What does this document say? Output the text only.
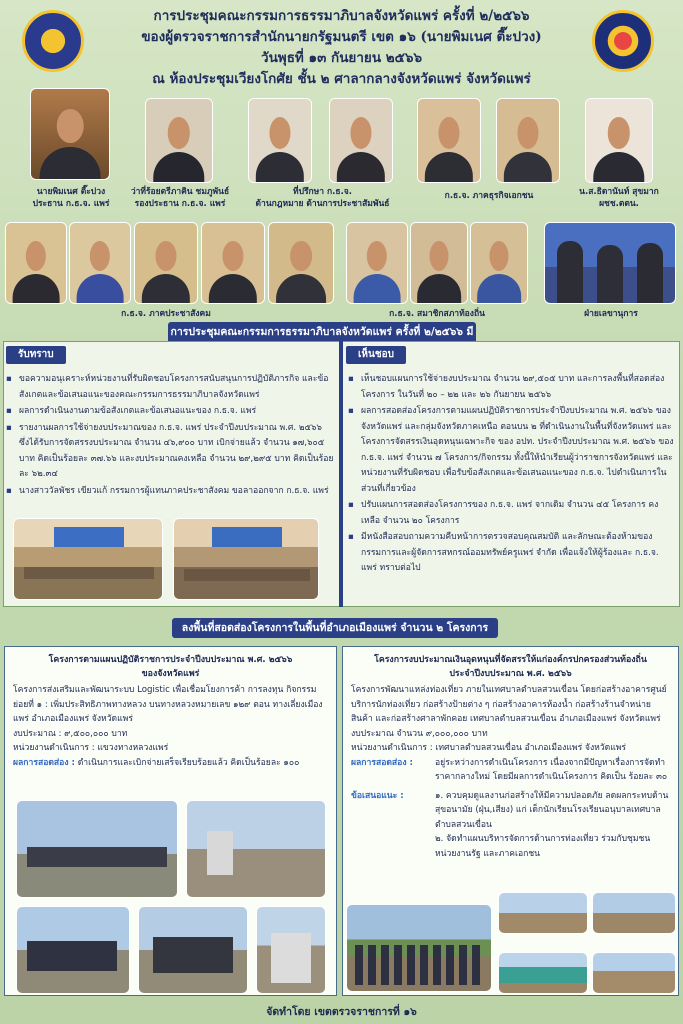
การประชุมคณะกรรมการธรรมาภิบาลจังหวัดแพร่ ครั้งที่ ๒/๒๕๖๖
ของผู้ตรวจราชการสำนักนายกรัฐมนตรี เขต ๑๖ (นายพิมเนศ ตี๊ะปวง)
วันพุธที่ ๑๓ กันยายน ๒๕๖๖
ณ ห้องประชุมเวียงโกศัย ชั้น ๒ ศาลากลางจังหวัดแพร่ จังหวัดแพร่
นายพิมเนศ ตี๊ะปวง
ประธาน ก.ธ.จ. แพร่
ว่าที่ร้อยตรีภาคิน ชมภูพันธ์
รองประธาน ก.ธ.จ. แพร่
ที่ปรึกษา ก.ธ.จ.
ด้านกฎหมาย ด้านการประชาสัมพันธ์
ก.ธ.จ. ภาคธุรกิจเอกชน	น.ส.ธิดานันท์ สุขมาก
ผชช.ตตน.
ก.ธ.จ. ภาคประชาสังคม	ก.ธ.จ. สมาชิกสภาท้องถิ่น	ฝ่ายเลขานุการ
การประชุมคณะกรรมการธรรมาภิบาลจังหวัดแพร่ ครั้งที่ ๒/๒๕๖๖ มี
รับทราบ
▪ ขอความอนุเคราะห์หน่วยงานที่รับผิดชอบโครงการสนับสนุนการปฏิบัติภารกิจ และข้อสังเกตและข้อเสนอแนะของคณะกรรมการธรรมาภิบาลจังหวัดแพร่
▪ ผลการดำเนินงานตามข้อสังเกตและข้อเสนอแนะของ ก.ธ.จ. แพร่
▪ รายงานผลการใช้จ่ายงบประมาณของ ก.ธ.จ. แพร่ ประจำปีงบประมาณ พ.ศ. ๒๕๖๖ ซึ่งได้รับการจัดสรรงบประมาณ จำนวน ๔๖,๙๐๐ บาท เบิกจ่ายแล้ว จำนวน ๑๗,๖๐๕ บาท คิดเป็นร้อยละ ๓๗.๖๖ และงบประมาณคงเหลือ จำนวน ๒๙,๒๙๕ บาท คิดเป็นร้อยละ ๖๒.๓๔
▪ นางสาววัลพัชร เขียวแก้ กรรมการผู้แทนภาคประชาสังคม ขอลาออกจาก ก.ธ.จ. แพร่
เห็นชอบ
▪ เห็นชอบแผนการใช้จ่ายงบประมาณ จำนวน ๒๙,๕๐๕ บาท และการลงพื้นที่สอดส่องโครงการ ในวันที่ ๒๐ – ๒๒ และ ๒๖ กันยายน ๒๕๖๖
▪ ผลการสอดส่องโครงการตามแผนปฏิบัติราชการประจำปีงบประมาณ พ.ศ. ๒๕๖๖ ของจังหวัดแพร่ และกลุ่มจังหวัดภาคเหนือ ตอนบน ๒ ที่ดำเนินงานในพื้นที่จังหวัดแพร่ และโครงการจัดสรรเงินอุดหนุนเฉพาะกิจ ของ อปท. ประจำปีงบประมาณ พ.ศ. ๒๕๖๖ ของ ก.ธ.จ. แพร่ จำนวน ๗ โครงการ/กิจกรรม ทั้งนี้ให้นำเรียนผู้ว่าราชการจังหวัดแพร่ และหน่วยงานที่รับผิดชอบ เพื่อรับข้อสังเกตและข้อเสนอแนะของ ก.ธ.จ. ไปดำเนินการในส่วนที่เกี่ยวข้อง
▪ ปรับแผนการสอดส่องโครงการของ ก.ธ.จ. แพร่ จากเดิม จำนวน ๔๕ โครงการ คงเหลือ จำนวน ๒๐ โครงการ
▪ มีหนังสือสอบถามความคืบหน้าการตรวจสอบคุณสมบัติ และลักษณะต้องห้ามของกรรมการและผู้จัดการสหกรณ์ออมทรัพย์ครูแพร่ จำกัด เพื่อแจ้งให้ผู้ร้องและ ก.ธ.จ. แพร่ ทราบต่อไป
ลงพื้นที่สอดส่องโครงการในพื้นที่อำเภอเมืองแพร่ จำนวน ๒ โครงการ
โครงการตามแผนปฏิบัติราชการประจำปีงบประมาณ พ.ศ. ๒๕๖๖
ของจังหวัดแพร่
โครงการส่งเสริมและพัฒนาระบบ Logistic เพื่อเชื่อมโยงการค้า การลงทุน กิจกรรมย่อยที่ ๑ : เพิ่มประสิทธิภาพทางหลวง บนทางหลวงหมายเลข ๑๒๙ ตอน ทางเลี่ยงเมืองแพร่ อำเภอเมืองแพร่ จังหวัดแพร่
งบประมาณ : ๙,๕๐๐,๐๐๐ บาท
หน่วยงานดำเนินการ : แขวงทางหลวงแพร่
ผลการสอดส่อง : ดำเนินการและเบิกจ่ายเสร็จเรียบร้อยแล้ว คิดเป็นร้อยละ ๑๐๐
โครงการงบประมาณเงินอุดหนุนที่จัดสรรให้แก่องค์กรปกครองส่วนท้องถิ่น
ประจำปีงบประมาณ พ.ศ. ๒๕๖๖
โครงการพัฒนาแหล่งท่องเที่ยว ภายในเทศบาลตำบลสวนเขื่อน โดยก่อสร้างอาคารศูนย์บริการนักท่องเที่ยว ก่อสร้างป้ายต่าง ๆ ก่อสร้างอาคารห้องน้ำ ก่อสร้างร้านจำหน่ายสินค้า และก่อสร้างศาลาพักคอย เทศบาลตำบลสวนเขื่อน อำเภอเมืองแพร่ จังหวัดแพร่ งบประมาณ จำนวน ๙,๐๐๐,๐๐๐ บาท
หน่วยงานดำเนินการ : เทศบาลตำบลสวนเขื่อน อำเภอเมืองแพร่ จังหวัดแพร่
ผลการสอดส่อง :	อยู่ระหว่างการดำเนินโครงการ เนื่องจากมีปัญหาเรื่องการจัดทำราคากลางใหม่ โดยมีผลการดำเนินโครงการ คิดเป็น ร้อยละ ๓๐
ข้อเสนอแนะ :	๑. ควบคุมดูแลงานก่อสร้างให้มีความปลอดภัย ลดผลกระทบด้านสุขอนามัย (ฝุ่น,เสียง) แก่ เด็กนักเรียนโรงเรียนอนุบาลเทศบาลตำบลสวนเขื่อน
๒. จัดทำแผนบริหารจัดการด้านการท่องเที่ยว ร่วมกับชุมชน หน่วยงานรัฐ และภาคเอกชน
จัดทำโดย เขตตรวจราชการที่ ๑๖
